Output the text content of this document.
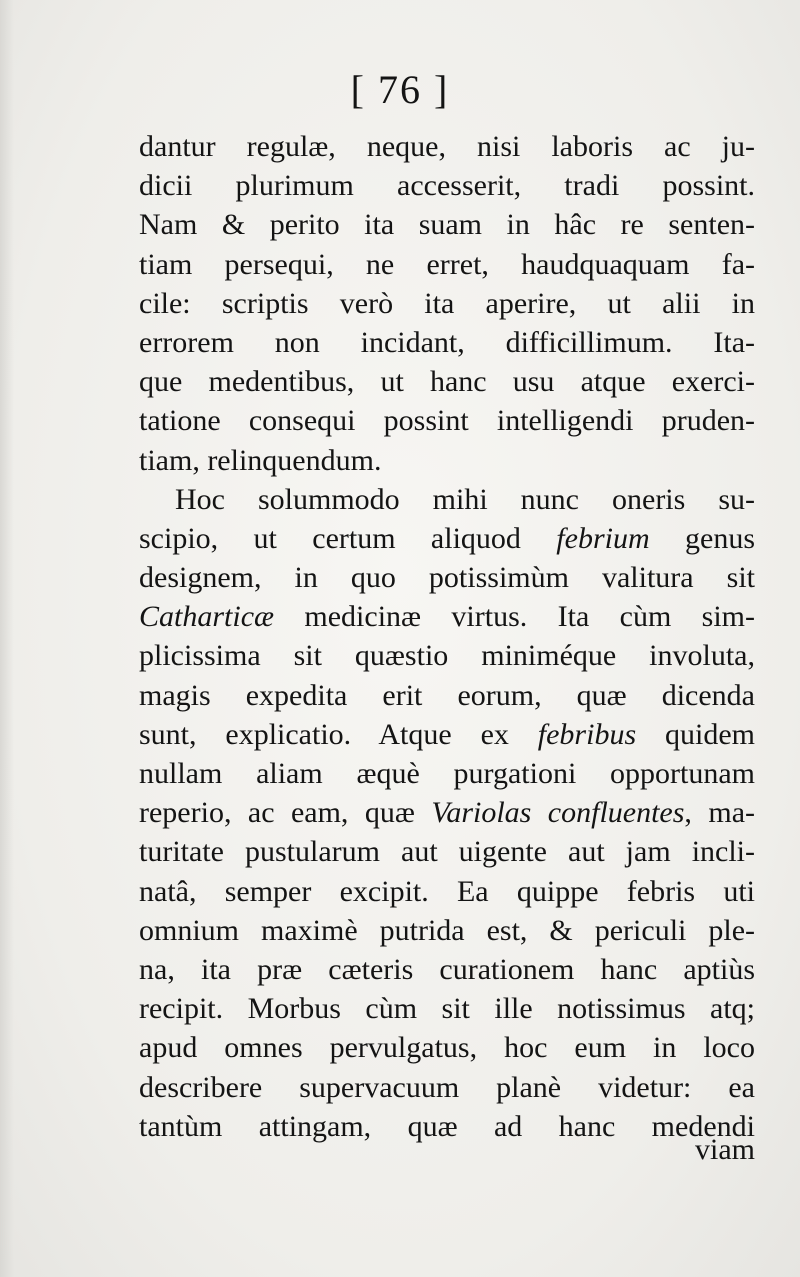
[ 76 ]
dantur regulæ, neque, nisi laboris ac ju-
dicii plurimum accesserit, tradi possint.
Nam & perito ita suam in hâc re senten-
tiam persequi, ne erret, haudquaquam fa-
cile: scriptis verò ita aperire, ut alii in
errorem non incidant, difficillimum. Ita-
que medentibus, ut hanc usu atque exerci-
tatione consequi possint intelligendi pruden-
tiam, relinquendum.
Hoc solummodo mihi nunc oneris su-
scipio, ut certum aliquod febrium genus
designem, in quo potissimùm valitura sit
Catharticæ medicinæ virtus. Ita cùm sim-
plicissima sit quæstio miniméque involuta,
magis expedita erit eorum, quæ dicenda
sunt, explicatio. Atque ex febribus quidem
nullam aliam æquè purgationi opportunam
reperio, ac eam, quæ Variolas confluentes, ma-
turitate pustularum aut uigente aut jam incli-
natâ, semper excipit. Ea quippe febris uti
omnium maximè putrida est, & periculi ple-
na, ita præ cæteris curationem hanc aptiùs
recipit. Morbus cùm sit ille notissimus atq;
apud omnes pervulgatus, hoc eum in loco
describere supervacuum planè videtur: ea
tantùm attingam, quæ ad hanc medendi
viam
